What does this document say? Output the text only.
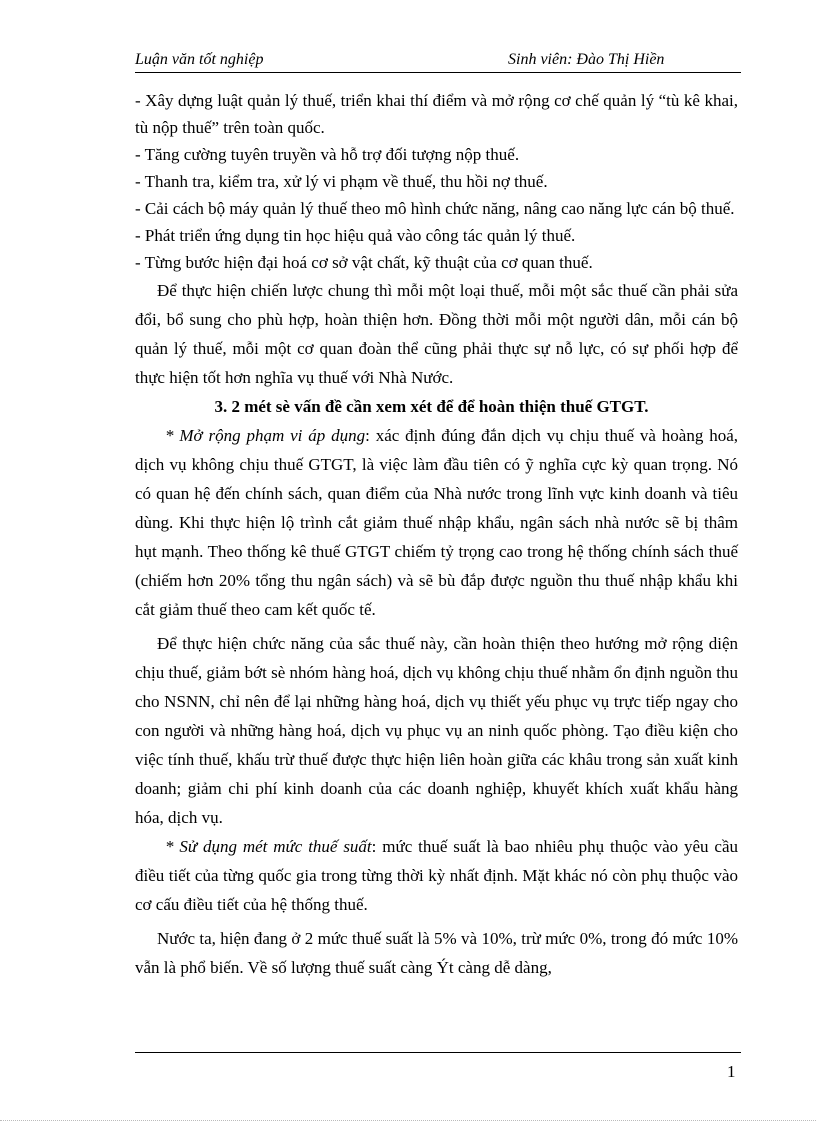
Luận văn tốt nghiệp	Sinh viên: Đào Thị Hiền

- Xây dựng luật quản lý thuế, triển khai thí điểm và mở rộng cơ chế quản lý “tù kê khai, tù nộp thuế” trên toàn quốc.

- Tăng cường tuyên truyền và hỗ trợ đối tượng nộp thuế.

- Thanh tra, kiểm tra, xử lý vi phạm về thuế, thu hồi nợ thuế.

- Cải cách bộ máy quản lý thuế theo mô hình chức năng, nâng cao năng lực cán bộ thuế.

- Phát triển ứng dụng tin học hiệu quả vào công tác quản lý thuế.

- Từng bước hiện đại hoá cơ sở vật chất, kỹ thuật của cơ quan thuế.

Để thực hiện chiến lược chung thì mỗi một loại thuế, mỗi một sắc thuế cần phải sửa đổi, bổ sung cho phù hợp, hoàn thiện hơn. Đồng thời mỗi một người dân, mỗi cán bộ quản lý thuế, mỗi một cơ quan đoàn thể cũng phải thực sự nỗ lực, có sự phối hợp để thực hiện tốt hơn nghĩa vụ thuế với Nhà Nước.

3. 2 mét sè vấn đề cần xem xét để để hoàn thiện thuế GTGT.

* Mở rộng phạm vi áp dụng: xác định đúng đắn dịch vụ chịu thuế và hoàng hoá, dịch vụ không chịu thuế GTGT, là việc làm đầu tiên có ỹ nghĩa cực kỳ quan trọng. Nó có quan hệ đến chính sách, quan điểm của Nhà nước trong lĩnh vực kinh doanh và tiêu dùng. Khi thực hiện lộ trình cắt giảm thuế nhập khẩu, ngân sách nhà nước sẽ bị thâm hụt mạnh. Theo thống kê thuế GTGT chiếm tỷ trọng cao trong hệ thống chính sách thuế (chiếm hơn 20% tổng thu ngân sách) và sẽ bù đắp được nguồn thu thuế nhập khẩu khi cắt giảm thuế theo cam kết quốc tế.

Để thực hiện chức năng của sắc thuế này, cần hoàn thiện theo hướng mở rộng diện chịu thuế, giảm bớt sè nhóm hàng hoá, dịch vụ không chịu thuế nhằm ổn định nguồn thu cho NSNN, chỉ nên để lại những hàng hoá, dịch vụ thiết yếu phục vụ trực tiếp ngay cho con người và những hàng hoá, dịch vụ phục vụ an ninh quốc phòng. Tạo điều kiện cho việc tính thuế, khấu trừ thuế được thực hiện liên hoàn giữa các khâu trong sản xuất kinh doanh; giảm chi phí kinh doanh của các doanh nghiệp, khuyết khích xuất khẩu hàng hóa, dịch vụ.

* Sử dụng mét mức thuế suất: mức thuế suất là bao nhiêu phụ thuộc vào yêu cầu điều tiết của từng quốc gia trong từng thời kỳ nhất định. Mặt khác nó còn phụ thuộc vào cơ cấu điều tiết của hệ thống thuế.

Nước ta, hiện đang ở 2 mức thuế suất là 5% và 10%, trừ mức 0%, trong đó mức 10% vẫn là phổ biến. Về số lượng thuế suất càng Ýt càng dễ dàng,

1
